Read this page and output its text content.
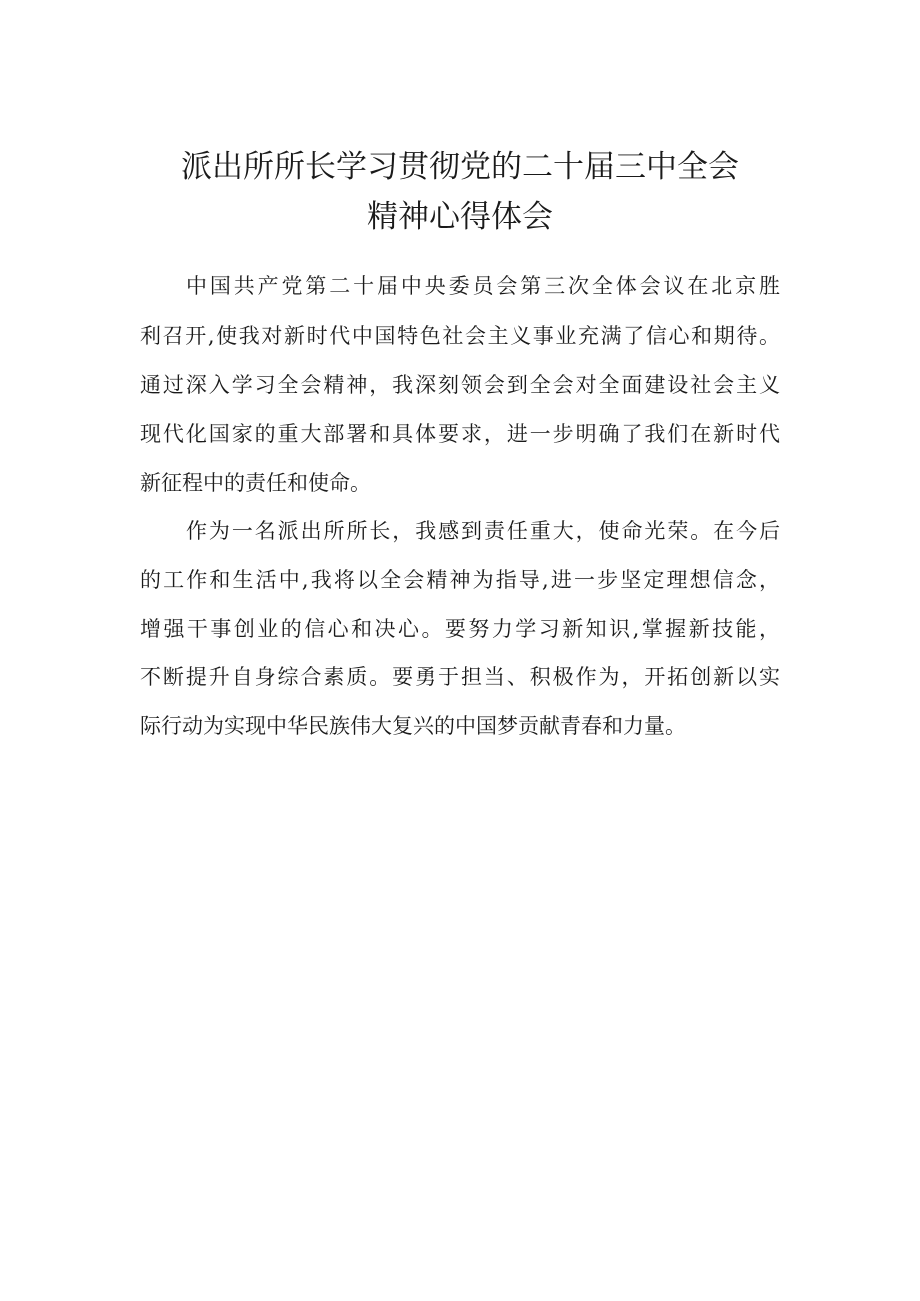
派出所所长学习贯彻党的二十届三中全会
精神心得体会
中国共产党第二十届中央委员会第三次全体会议在北京胜
利召开,使我对新时代中国特色社会主义事业充满了信心和期待。
通过深入学习全会精神，我深刻领会到全会对全面建设社会主义
现代化国家的重大部署和具体要求，进一步明确了我们在新时代
新征程中的责任和使命。
作为一名派出所所长，我感到责任重大，使命光荣。在今后
的工作和生活中,我将以全会精神为指导,进一步坚定理想信念，
增强干事创业的信心和决心。要努力学习新知识,掌握新技能，
不断提升自身综合素质。要勇于担当、积极作为，开拓创新以实
际行动为实现中华民族伟大复兴的中国梦贡献青春和力量。
